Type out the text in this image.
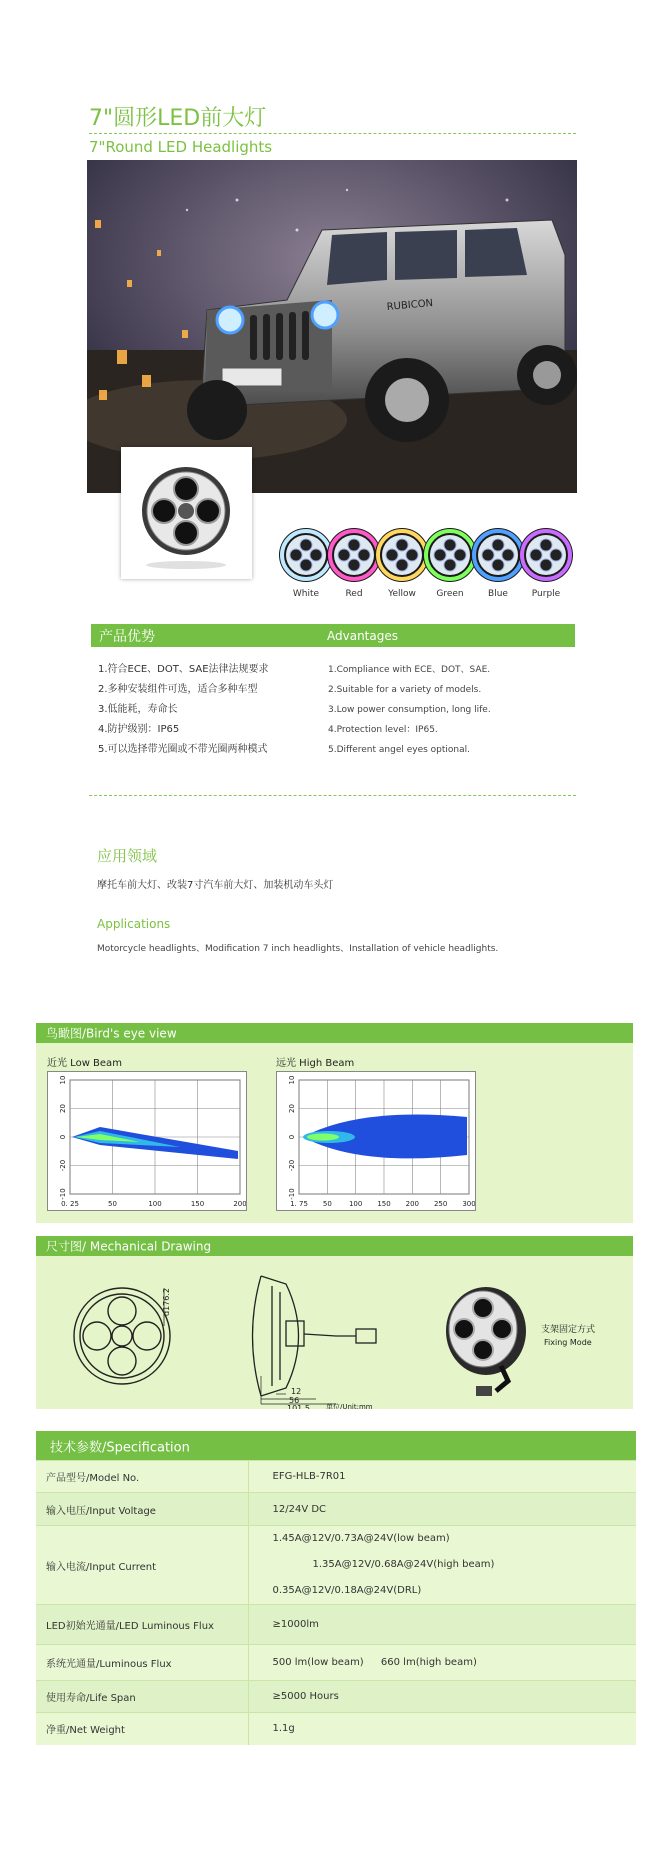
7"圆形LED前大灯
7"Round LED Headlights
RUBICON
White	Red	Yellow	Green	Blue	Purple
产品优势	Advantages
1.符合ECE、DOT、SAE法律法规要求
2.多种安装组件可选，适合多种车型
3.低能耗，寿命长
4.防护级别：IP65
5.可以选择带光圈或不带光圈两种模式
1.Compliance with ECE、DOT、SAE.
2.Suitable for a variety of models.
3.Low power consumption, long life.
4.Protection level：IP65.
5.Different angel eyes optional.
应用领域
摩托车前大灯、改装7寸汽车前大灯、加装机动车头灯
Applications
Motorcycle headlights、Modification 7 inch headlights、Installation of vehicle headlights.
鸟瞰图/Bird's eye view
近光 Low Beam	远光 High Beam
0. 25	50	100	150	200
10
20
0
-20
-10
1. 75 50 100 150 200 250 300
10
20
0
-20
-10
尺寸图/ Mechanical Drawing
d176.2
12
56
101.5 单位/Unit:mm
支架固定方式
Fixing Mode
技术参数/Specification
产品型号/Model No.	EFG-HLB-7R01
输入电压/Input Voltage	12/24V DC
输入电流/Input Current	1.45A@12V/0.73A@24V(low beam) 1.35A@12V/0.68A@24V(high beam)
0.35A@12V/0.18A@24V(DRL)
LED初始光通量/LED Luminous Flux	≥1000lm
系统光通量/Luminous Flux	500 lm(low beam) 660 lm(high beam)
使用寿命/Life Span	≥5000 Hours
净重/Net Weight	1.1g
